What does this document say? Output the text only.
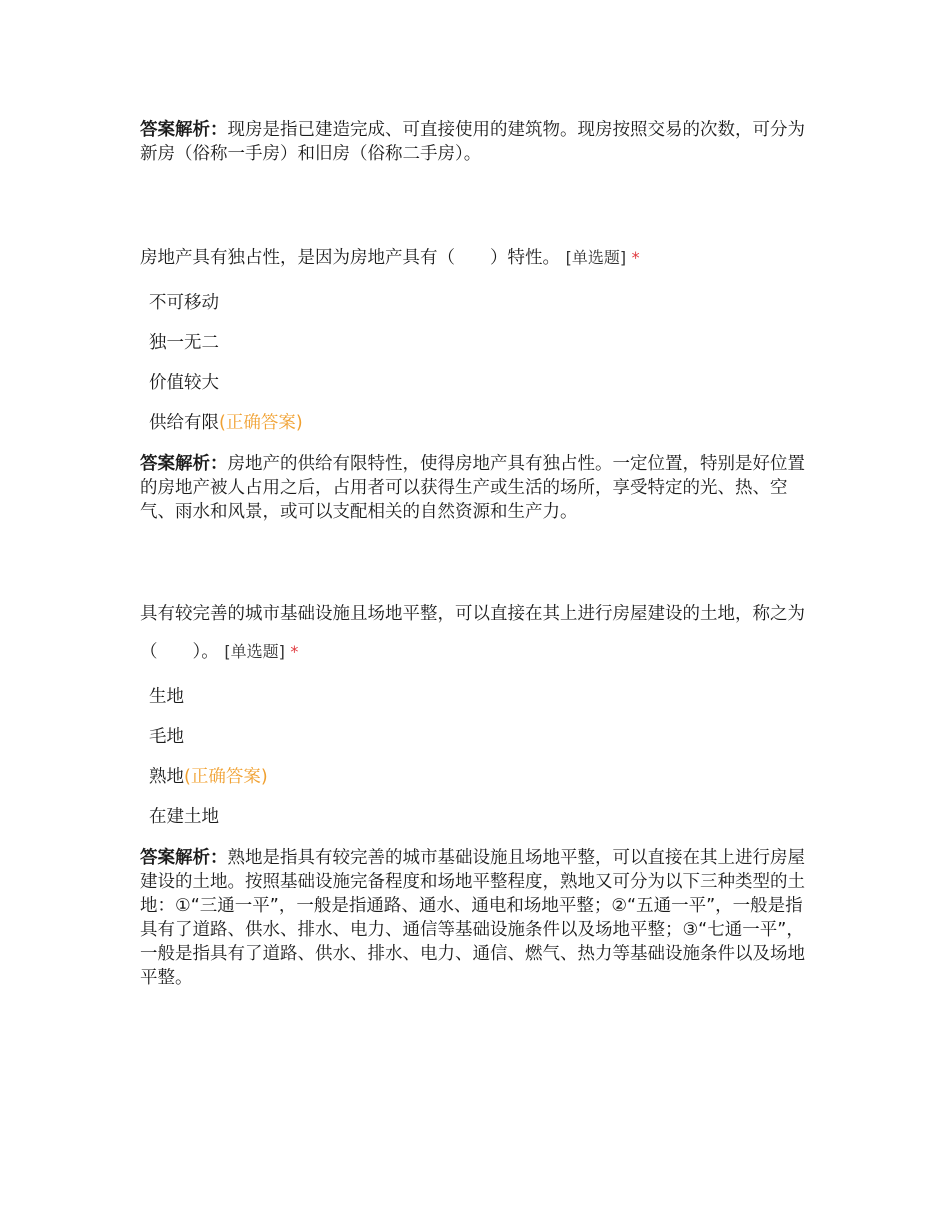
答案解析：现房是指已建造完成、可直接使用的建筑物。现房按照交易的次数，可分为新房（俗称一手房）和旧房（俗称二手房）。

房地产具有独占性，是因为房地产具有（　　）特性。 [单选题] *

不可移动
独一无二
价值较大
供给有限(正确答案)

答案解析：房地产的供给有限特性，使得房地产具有独占性。一定位置，特别是好位置的房地产被人占用之后，占用者可以获得生产或生活的场所，享受特定的光、热、空气、雨水和风景，或可以支配相关的自然资源和生产力。

具有较完善的城市基础设施且场地平整，可以直接在其上进行房屋建设的土地，称之为（　　）。 [单选题] *

生地
毛地
熟地(正确答案)
在建土地

答案解析：熟地是指具有较完善的城市基础设施且场地平整，可以直接在其上进行房屋建设的土地。按照基础设施完备程度和场地平整程度，熟地又可分为以下三种类型的土地：①“三通一平”，一般是指通路、通水、通电和场地平整；②“五通一平”，一般是指具有了道路、供水、排水、电力、通信等基础设施条件以及场地平整；③“七通一平”，一般是指具有了道路、供水、排水、电力、通信、燃气、热力等基础设施条件以及场地平整。
